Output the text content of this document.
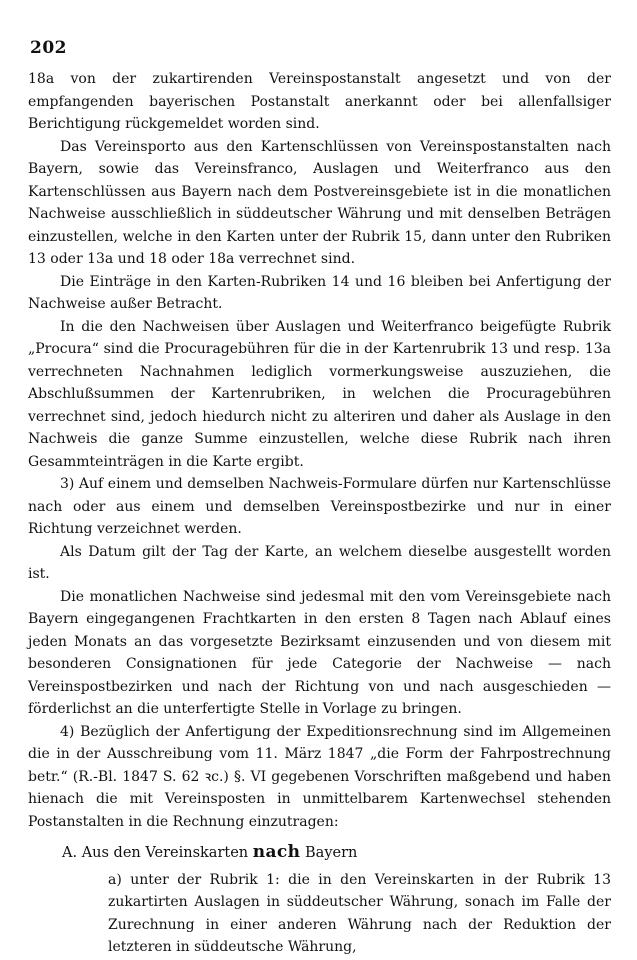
202

18a von der zukartirenden Vereinspostanstalt angesetzt und von der empfangenden bayerischen Postanstalt anerkannt oder bei allenfallsiger Berichtigung rückgemeldet worden sind.

Das Vereinsporto aus den Kartenschlüssen von Vereinspostanstalten nach Bayern, sowie das Vereinsfranco, Auslagen und Weiterfranco aus den Kartenschlüssen aus Bayern nach dem Postvereinsgebiete ist in die monatlichen Nachweise ausschließlich in süddeutscher Währung und mit denselben Beträgen einzustellen, welche in den Karten unter der Rubrik 15, dann unter den Rubriken 13 oder 13a und 18 oder 18a verrechnet sind.

Die Einträge in den Karten-Rubriken 14 und 16 bleiben bei Anfertigung der Nachweise außer Betracht.

In die den Nachweisen über Auslagen und Weiterfranco beigefügte Rubrik „Procura“ sind die Procuragebühren für die in der Kartenrubrik 13 und resp. 13a verrechneten Nachnahmen lediglich vormerkungsweise auszuziehen, die Abschlußsummen der Kartenrubriken, in welchen die Procuragebühren verrechnet sind, jedoch hiedurch nicht zu alteriren und daher als Auslage in den Nachweis die ganze Summe einzustellen, welche diese Rubrik nach ihren Gesammteinträgen in die Karte ergibt.

3) Auf einem und demselben Nachweis-Formulare dürfen nur Kartenschlüsse nach oder aus einem und demselben Vereinspostbezirke und nur in einer Richtung verzeichnet werden.

Als Datum gilt der Tag der Karte, an welchem dieselbe ausgestellt worden ist.

Die monatlichen Nachweise sind jedesmal mit den vom Vereinsgebiete nach Bayern eingegangenen Frachtkarten in den ersten 8 Tagen nach Ablauf eines jeden Monats an das vorgesetzte Bezirksamt einzusenden und von diesem mit besonderen Consignationen für jede Categorie der Nachweise — nach Vereinspostbezirken und nach der Richtung von und nach ausgeschieden — förderlichst an die unterfertigte Stelle in Vorlage zu bringen.

4) Bezüglich der Anfertigung der Expeditionsrechnung sind im Allgemeinen die in der Ausschreibung vom 11. März 1847 „die Form der Fahrpostrechnung betr.“ (R.-Bl. 1847 S. 62 ꝛc.) §. VI gegebenen Vorschriften maßgebend und haben hienach die mit Vereinsposten in unmittelbarem Kartenwechsel stehenden Postanstalten in die Rechnung einzutragen:

A. Aus den Vereinskarten nach Bayern

a) unter der Rubrik 1: die in den Vereinskarten in der Rubrik 13 zukartirten Auslagen in süddeutscher Währung, sonach im Falle der Zurechnung in einer anderen Währung nach der Reduktion der letzteren in süddeutsche Währung,
